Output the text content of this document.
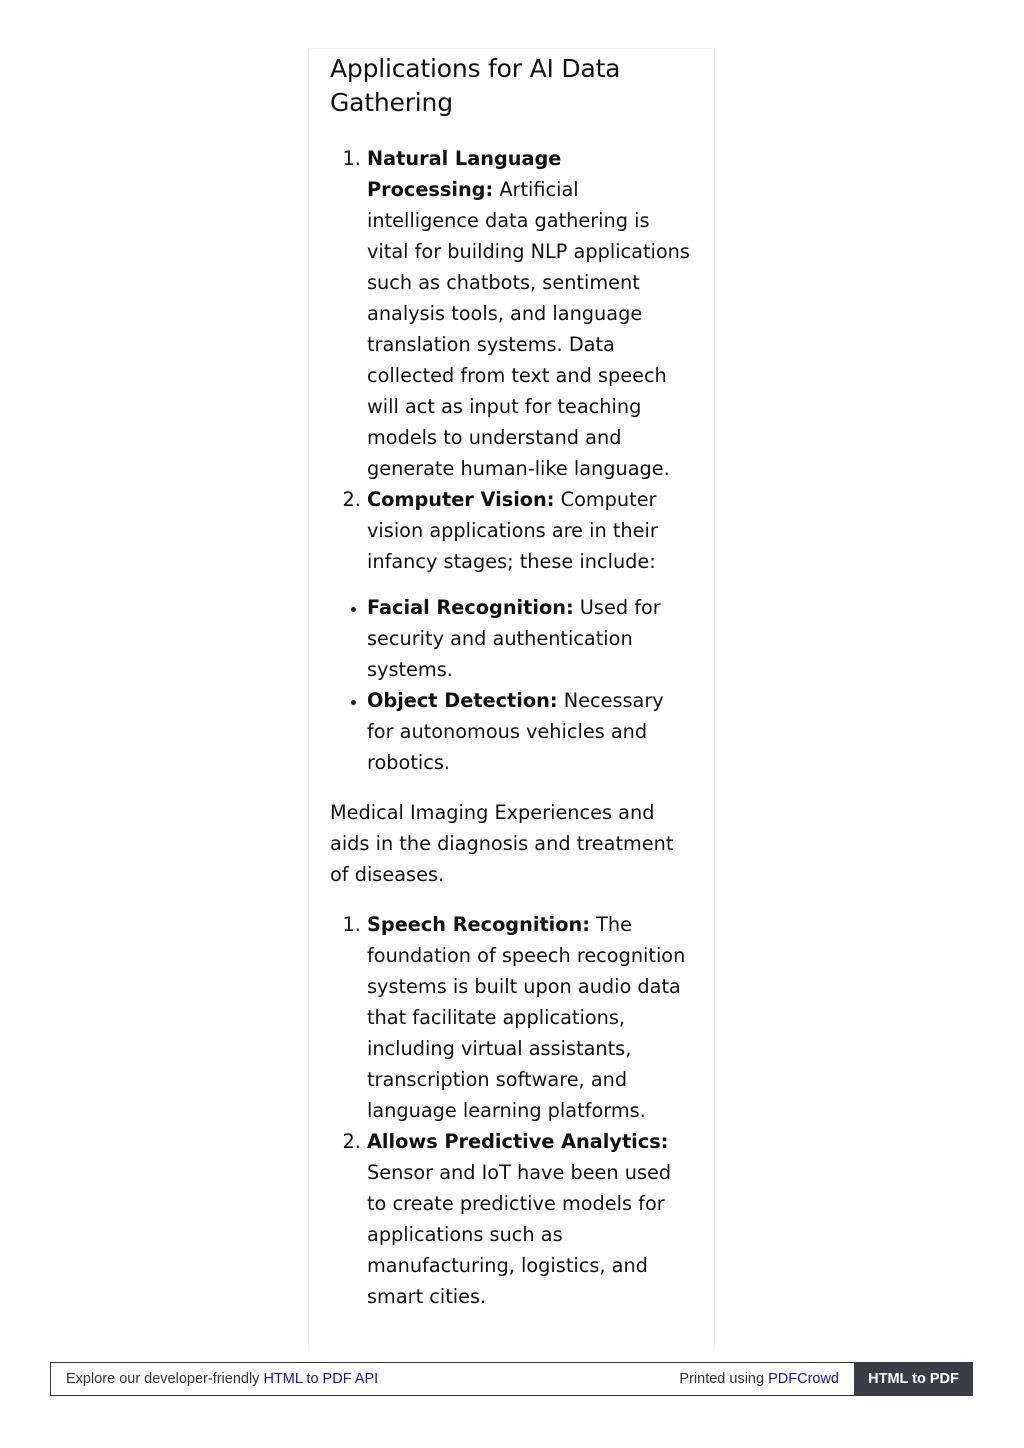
Applications for AI Data Gathering
1. Natural Language Processing: Artificial intelligence data gathering is vital for building NLP applications such as chatbots, sentiment analysis tools, and language translation systems. Data collected from text and speech will act as input for teaching models to understand and generate human-like language.
2. Computer Vision: Computer vision applications are in their infancy stages; these include:
• Facial Recognition: Used for security and authentication systems.
• Object Detection: Necessary for autonomous vehicles and robotics.

Medical Imaging Experiences and aids in the diagnosis and treatment of diseases.

1. Speech Recognition: The foundation of speech recognition systems is built upon audio data that facilitate applications, including virtual assistants, transcription software, and language learning platforms.
2. Allows Predictive Analytics: Sensor and IoT have been used to create predictive models for applications such as manufacturing, logistics, and smart cities.
Explore our developer-friendly HTML to PDF API	Printed using PDFCrowd	HTML to PDF
